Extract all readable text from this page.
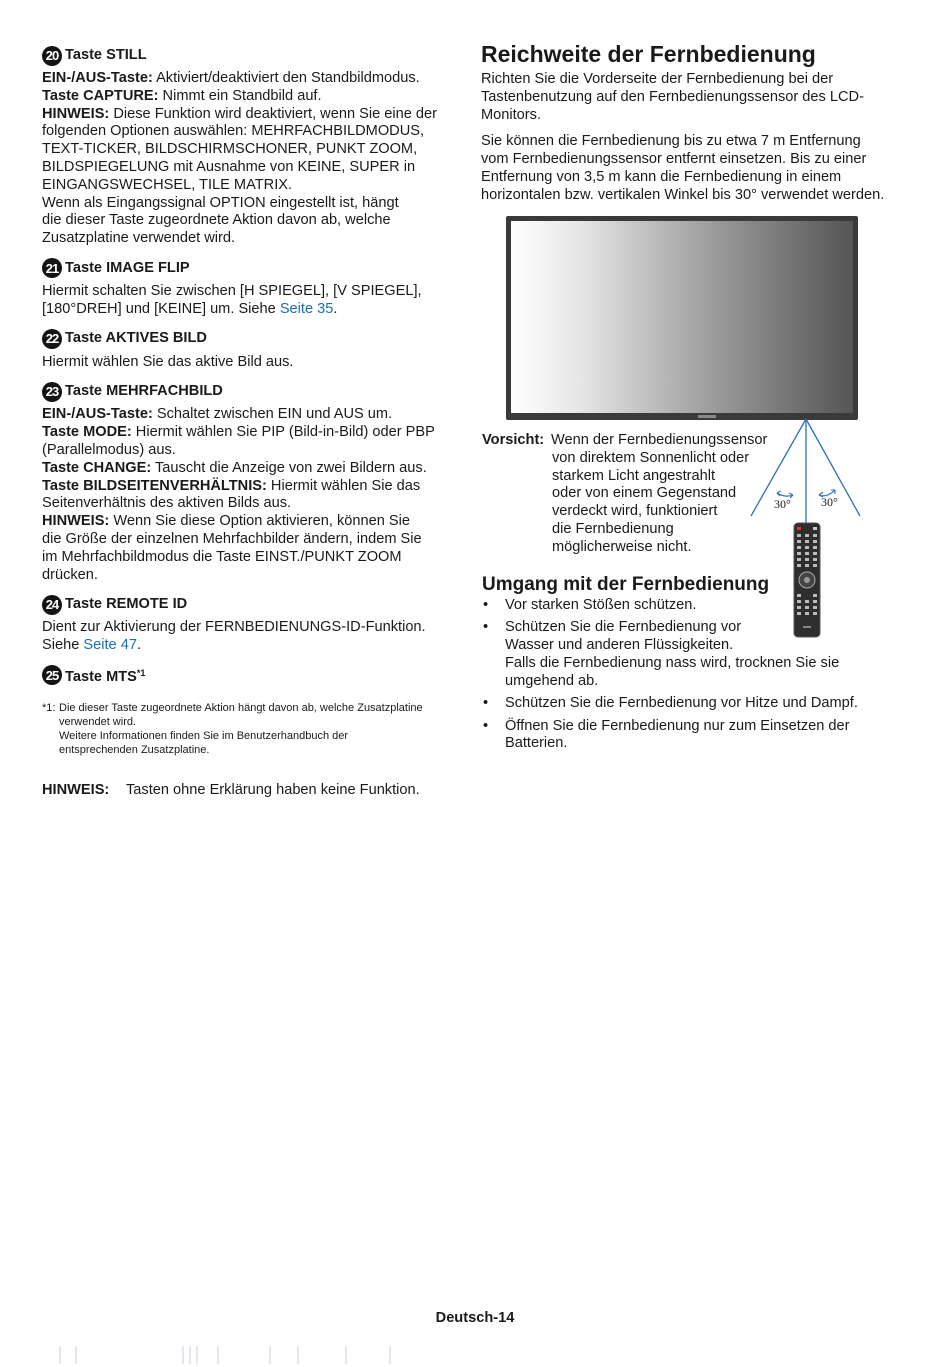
20 Taste STILL
EIN-/AUS-Taste: Aktiviert/deaktiviert den Standbildmodus.
Taste CAPTURE: Nimmt ein Standbild auf.
HINWEIS: Diese Funktion wird deaktiviert, wenn Sie eine der
folgenden Optionen auswählen: MEHRFACHBILDMODUS,
TEXT-TICKER, BILDSCHIRMSCHONER, PUNKT ZOOM,
BILDSPIEGELUNG mit Ausnahme von KEINE, SUPER in
EINGANGSWECHSEL, TILE MATRIX.
Wenn als Eingangssignal OPTION eingestellt ist, hängt
die dieser Taste zugeordnete Aktion davon ab, welche
Zusatzplatine verwendet wird.
21 Taste IMAGE FLIP
Hiermit schalten Sie zwischen [H SPIEGEL], [V SPIEGEL],
[180°DREH] und [KEINE] um. Siehe Seite 35.
22 Taste AKTIVES BILD
Hiermit wählen Sie das aktive Bild aus.
23 Taste MEHRFACHBILD
EIN-/AUS-Taste: Schaltet zwischen EIN und AUS um.
Taste MODE: Hiermit wählen Sie PIP (Bild-in-Bild) oder PBP
(Parallelmodus) aus.
Taste CHANGE: Tauscht die Anzeige von zwei Bildern aus.
Taste BILDSEITENVERHÄLTNIS: Hiermit wählen Sie das
Seitenverhältnis des aktiven Bilds aus.
HINWEIS: Wenn Sie diese Option aktivieren, können Sie
die Größe der einzelnen Mehrfachbilder ändern, indem Sie
im Mehrfachbildmodus die Taste EINST./PUNKT ZOOM
drücken.
24 Taste REMOTE ID
Dient zur Aktivierung der FERNBEDIENUNGS-ID-Funktion.
Siehe Seite 47.
25 Taste MTS$^{*1}$
*1: Die dieser Taste zugeordnete Aktion hängt davon ab, welche Zusatzplatine
verwendet wird.
Weitere Informationen finden Sie im Benutzerhandbuch der
entsprechenden Zusatzplatine.
HINWEIS:	Tasten ohne Erklärung haben keine Funktion.
Reichweite der Fernbedienung
Richten Sie die Vorderseite der Fernbedienung bei der
Tastenbenutzung auf den Fernbedienungssensor des LCD-
Monitors.
Sie können die Fernbedienung bis zu etwa 7 m Entfernung
vom Fernbedienungssensor entfernt einsetzen. Bis zu einer
Entfernung von 3,5 m kann die Fernbedienung in einem
horizontalen bzw. vertikalen Winkel bis 30° verwendet werden.
30°	30°
Vorsicht: Wenn der Fernbedienungssensor
von direktem Sonnenlicht oder
starkem Licht angestrahlt
oder von einem Gegenstand
verdeckt wird, funktioniert
die Fernbedienung
möglicherweise nicht.
Umgang mit der Fernbedienung
•	Vor starken Stößen schützen.
•	Schützen Sie die Fernbedienung vor
Wasser und anderen Flüssigkeiten.
Falls die Fernbedienung nass wird, trocknen Sie sie
umgehend ab.
•	Schützen Sie die Fernbedienung vor Hitze und Dampf.
•	Öffnen Sie die Fernbedienung nur zum Einsetzen der
Batterien.
Deutsch-14
